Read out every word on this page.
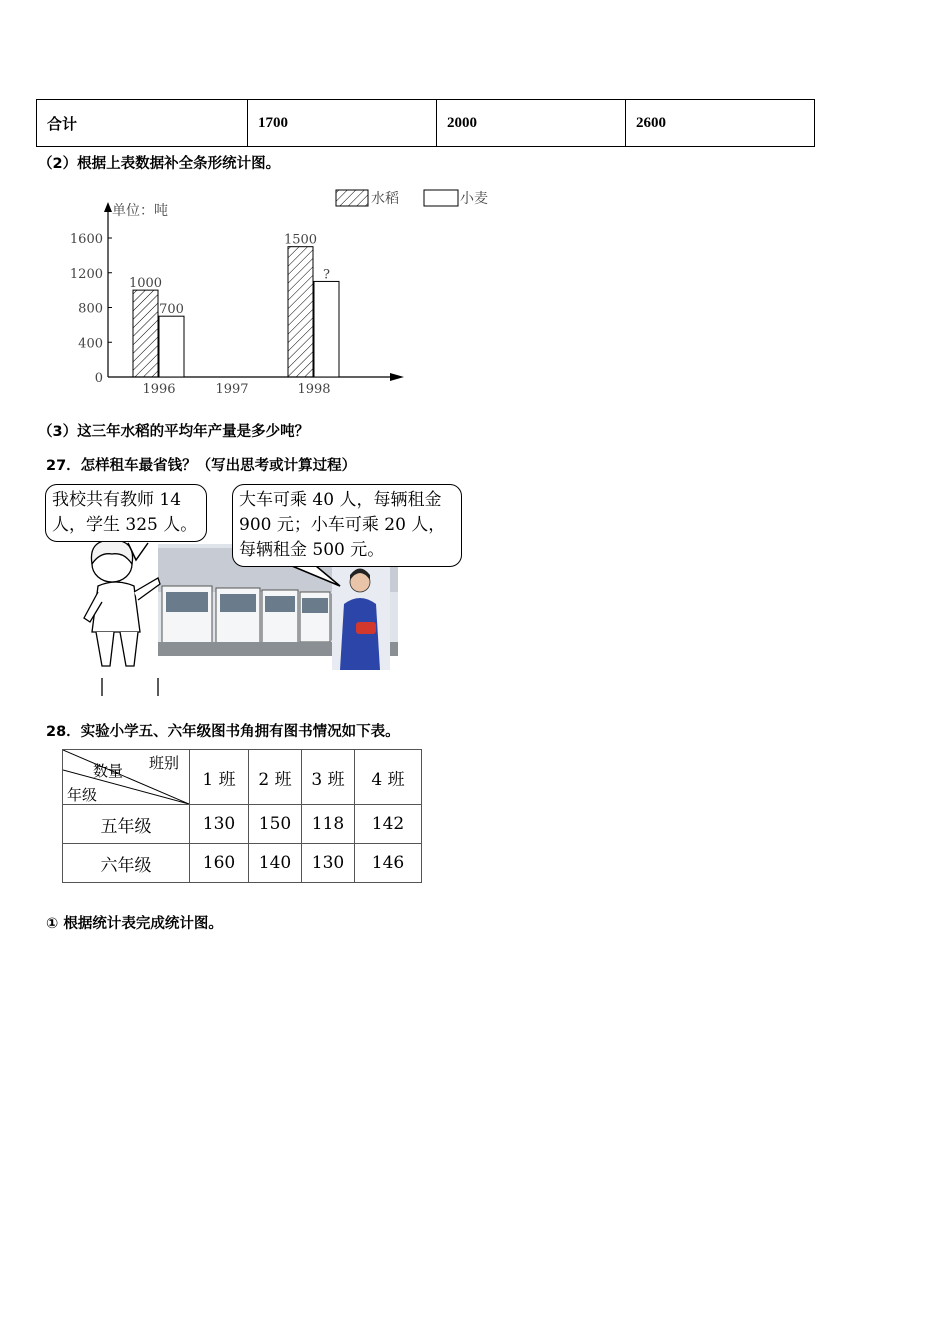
合计	1700	2000	2600
（2）根据上表数据补全条形统计图。
0
400
800
1200
1600
1996
1000
700
1997	1998
1500
?
单位：吨
水稻	小麦
（3）这三年水稻的平均年产量是多少吨？
27．怎样租车最省钱？（写出思考或计算过程）
我校共有教师 14 人，学生 325 人。
大车可乘 40 人，每辆租金 900 元；小车可乘 20 人，每辆租金 500 元。
28．实验小学五、六年级图书角拥有图书情况如下表。
班别
数量
年级	1 班	2 班	3 班	4 班
五年级	130	150	118	142
六年级	160	140	130	146
① 根据统计表完成统计图。
